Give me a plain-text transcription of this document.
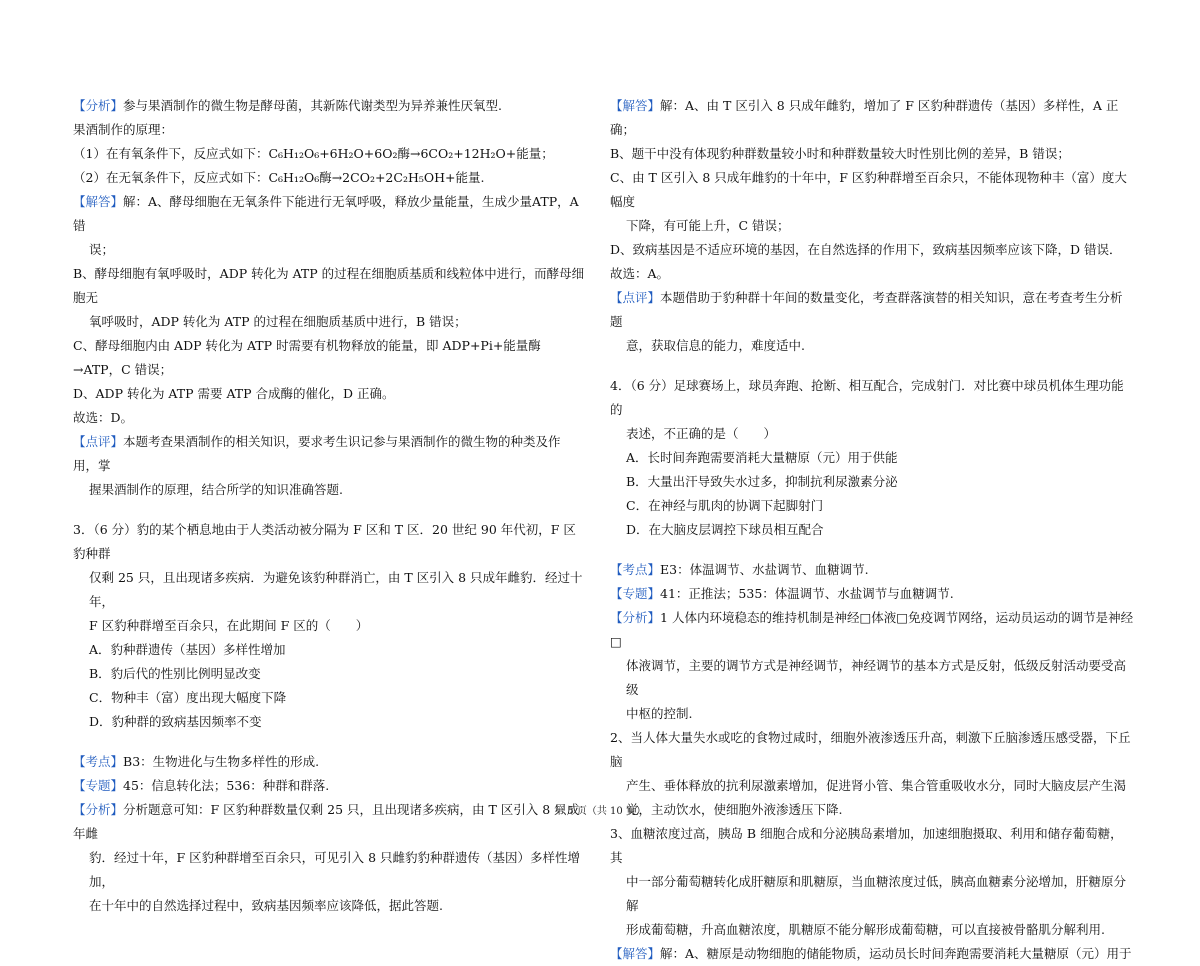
【分析】参与果酒制作的微生物是酵母菌，其新陈代谢类型为异养兼性厌氧型.
果酒制作的原理：
（1）在有氧条件下，反应式如下：C₆H₁₂O₆+6H₂O+6O₂酶→6CO₂+12H₂O+能量；
（2）在无氧条件下，反应式如下：C₆H₁₂O₆酶→2CO₂+2C₂H₅OH+能量.
【解答】解：A、酵母细胞在无氧条件下能进行无氧呼吸，释放少量能量，生成少量ATP，A 错
误；
B、酵母细胞有氧呼吸时，ADP 转化为 ATP 的过程在细胞质基质和线粒体中进行，而酵母细胞无
氧呼吸时，ADP 转化为 ATP 的过程在细胞质基质中进行，B 错误；
C、酵母细胞内由 ADP 转化为 ATP 时需要有机物释放的能量，即 ADP+Pi+能量酶→ATP，C 错误；
D、ADP 转化为 ATP 需要 ATP 合成酶的催化，D 正确。
故选：D。
【点评】本题考查果酒制作的相关知识，要求考生识记参与果酒制作的微生物的种类及作用，掌
握果酒制作的原理，结合所学的知识准确答题.
3．（6 分）豹的某个栖息地由于人类活动被分隔为 F 区和 T 区．20 世纪 90 年代初，F 区豹种群
仅剩 25 只，且出现诸多疾病．为避免该豹种群消亡，由 T 区引入 8 只成年雌豹．经过十年，
F 区豹种群增至百余只，在此期间 F 区的（　　）
A．豹种群遗传（基因）多样性增加
B．豹后代的性别比例明显改变
C．物种丰（富）度出现大幅度下降
D．豹种群的致病基因频率不变
【考点】B3：生物进化与生物多样性的形成.
【专题】45：信息转化法；536：种群和群落.
【分析】分析题意可知：F 区豹种群数量仅剩 25 只，且出现诸多疾病，由 T 区引入 8 只成年雌
豹．经过十年，F 区豹种群增至百余只，可见引入 8 只雌豹豹种群遗传（基因）多样性增加，
在十年中的自然选择过程中，致病基因频率应该降低，据此答题.
【解答】解：A、由 T 区引入 8 只成年雌豹，增加了 F 区豹种群遗传（基因）多样性，A 正确；
B、题干中没有体现豹种群数量较小时和种群数量较大时性别比例的差异，B 错误；
C、由 T 区引入 8 只成年雌豹的十年中，F 区豹种群增至百余只，不能体现物种丰（富）度大幅度
下降，有可能上升，C 错误；
D、致病基因是不适应环境的基因，在自然选择的作用下，致病基因频率应该下降，D 错误．
故选：A。
【点评】本题借助于豹种群十年间的数量变化，考查群落演替的相关知识，意在考查考生分析题
意，获取信息的能力，难度适中.
4．（6 分）足球赛场上，球员奔跑、抢断、相互配合，完成射门．对比赛中球员机体生理功能的
表述，不正确的是（　　）
A．长时间奔跑需要消耗大量糖原（元）用于供能
B．大量出汗导致失水过多，抑制抗利尿激素分泌
C．在神经与肌肉的协调下起脚射门
D．在大脑皮层调控下球员相互配合
【考点】E3：体温调节、水盐调节、血糖调节.
【专题】41：正推法；535：体温调节、水盐调节与血糖调节.
【分析】1 人体内环境稳态的维持机制是神经□体液□免疫调节网络，运动员运动的调节是神经□
体液调节，主要的调节方式是神经调节，神经调节的基本方式是反射，低级反射活动要受高级
中枢的控制.
2、当人体大量失水或吃的食物过咸时，细胞外液渗透压升高，刺激下丘脑渗透压感受器，下丘脑
产生、垂体释放的抗利尿激素增加，促进肾小管、集合管重吸收水分，同时大脑皮层产生渴
觉，主动饮水，使细胞外液渗透压下降.
3、血糖浓度过高，胰岛 B 细胞合成和分泌胰岛素增加，加速细胞摄取、利用和储存葡萄糖，其
中一部分葡萄糖转化成肝糖原和肌糖原，当血糖浓度过低，胰高血糖素分泌增加，肝糖原分解
形成葡萄糖，升高血糖浓度，肌糖原不能分解形成葡萄糖，可以直接被骨骼肌分解利用.
【解答】解：A、糖原是动物细胞的储能物质，运动员长时间奔跑需要消耗大量糖原（元）用于
第 5 页（共 10 页）
